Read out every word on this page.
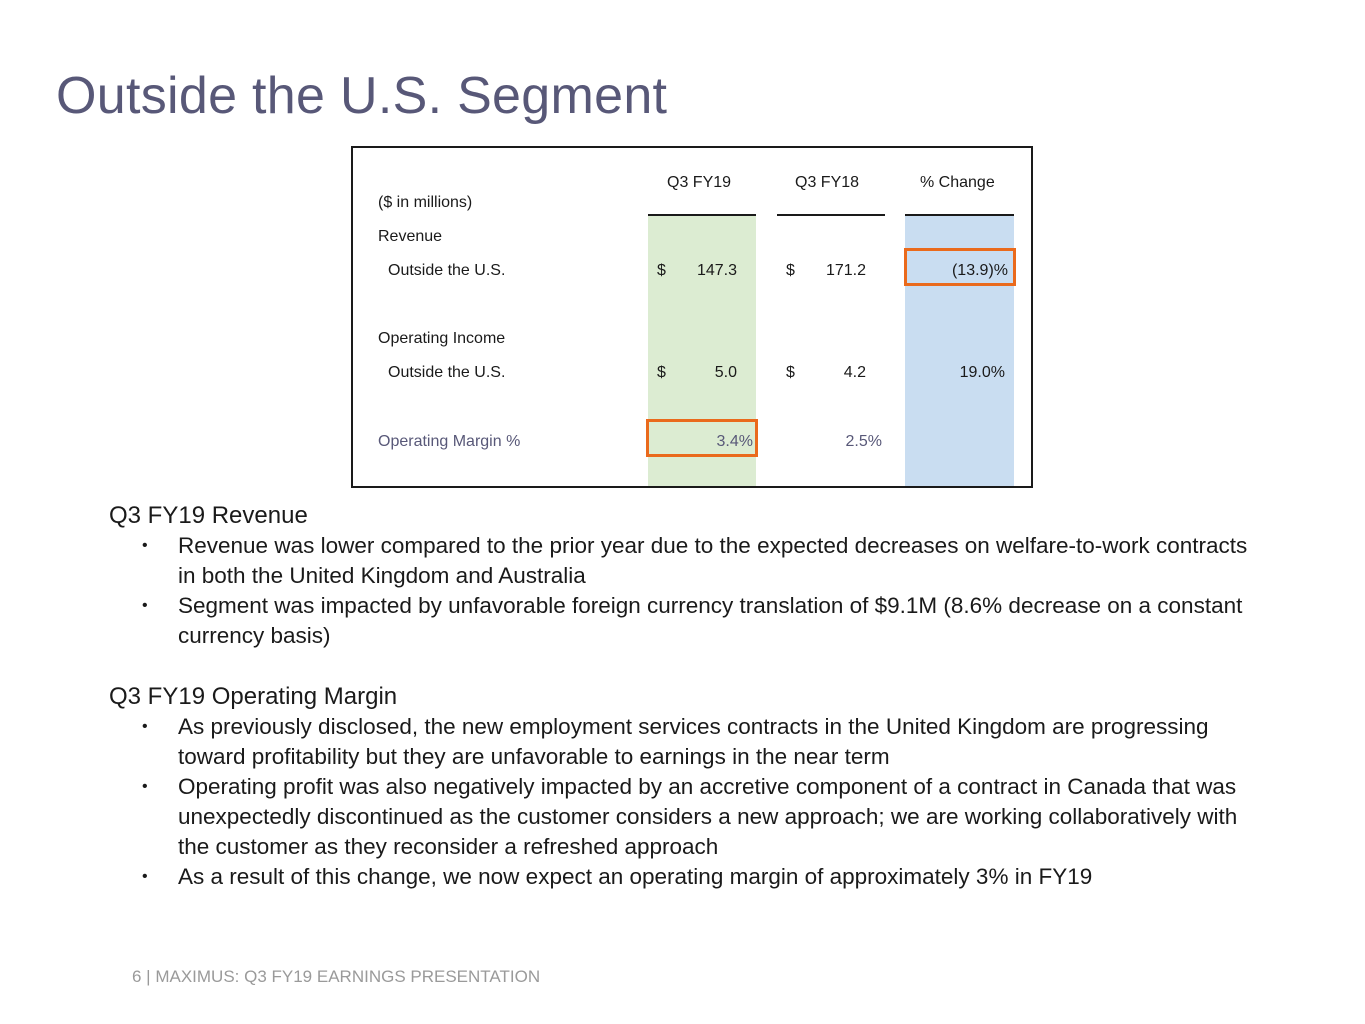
Outside the U.S. Segment
Q3 FY19	Q3 FY18	% Change
($ in millions)
Revenue
Outside the U.S.	$	147.3	$	171.2	(13.9)%
Operating Income
Outside the U.S.	$	5.0	$	4.2	19.0%
Operating Margin %	3.4%	2.5%
Q3 FY19 Revenue
• Revenue was lower compared to the prior year due to the expected decreases on welfare-to-work contracts in both the United Kingdom and Australia
• Segment was impacted by unfavorable foreign currency translation of $9.1M (8.6% decrease on a constant currency basis)
Q3 FY19 Operating Margin
• As previously disclosed, the new employment services contracts in the United Kingdom are progressing toward profitability but they are unfavorable to earnings in the near term
• Operating profit was also negatively impacted by an accretive component of a contract in Canada that was unexpectedly discontinued as the customer considers a new approach; we are working collaboratively with the customer as they reconsider a refreshed approach
• As a result of this change, we now expect an operating margin of approximately 3% in FY19
6 | MAXIMUS: Q3 FY19 EARNINGS PRESENTATION
